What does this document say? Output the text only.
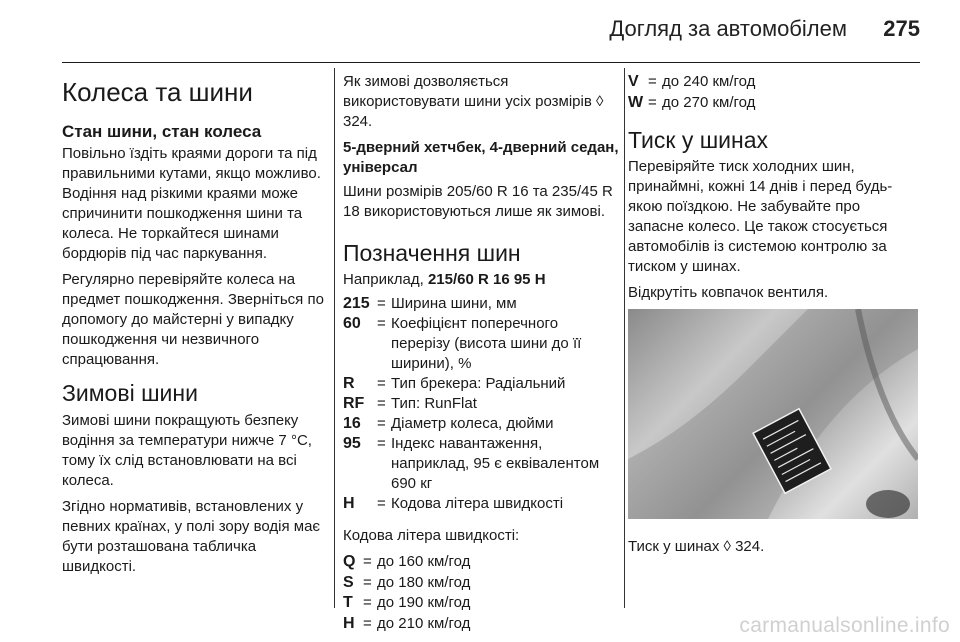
Догляд за автомобілем 275
Колеса та шини
Стан шини, стан колеса

Повільно їздіть краями дороги та під правильними кутами, якщо можливо. Водіння над різкими краями може спричинити пошкодження шини та колеса. Не торкайтеся шинами бордюрів під час паркування.

Регулярно перевіряйте колеса на предмет пошкодження. Зверніться по допомогу до майстерні у випадку пошкодження чи незвичного спрацювання.

Зимові шини

Зимові шини покращують безпеку водіння за температури нижче 7 °C, тому їх слід встановлювати на всі колеса.

Згідно нормативів, встановлених у певних країнах, у полі зору водія має бути розташована табличка швидкості.

Як зимові дозволяється використовувати шини усіх розмірів ◊ 324.

5-дверний хетчбек, 4-дверний седан, універсал

Шини розмірів 205/60 R 16 та 235/45 R 18 використовуються лише як зимові.

Позначення шин

Наприклад, 215/60 R 16 95 H

215 = Ширина шини, мм
60	= Коефіцієнт поперечного перерізу (висота шини до її ширини), %
R	= Тип брекера: Радіальний
RF = Тип: RunFlat
16	= Діаметр колеса, дюйми
95	= Індекс навантаження, наприклад, 95 є еквівалентом 690 кг
H	= Кодова літера швидкості

Кодова літера швидкості:

Q = до 160 км/год
S = до 180 км/год
T = до 190 км/год
H = до 210 км/год
V = до 240 км/год
W = до 270 км/год
Тиск у шинах

Перевіряйте тиск холодних шин, принаймні, кожні 14 днів і перед будь-якою поїздкою. Не забувайте про запасне колесо. Це також стосується автомобілів із системою контролю за тиском у шинах.

Відкрутіть ковпачок вентиля.

Тиск у шинах ◊ 324.

carmanualsonline.info
